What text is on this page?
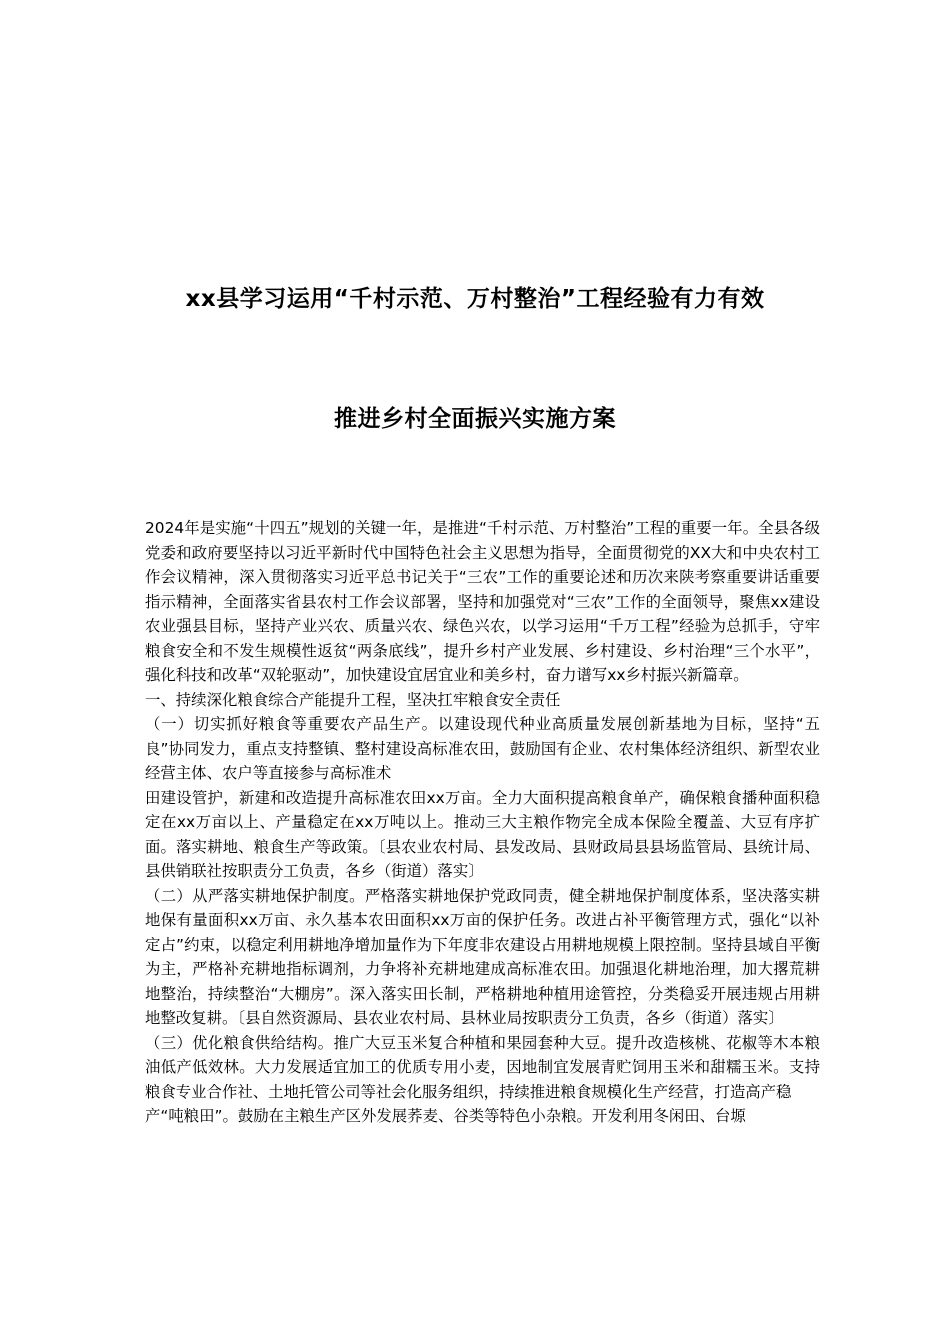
xx县学习运用“千村示范、万村整治”工程经验有力有效
推进乡村全面振兴实施方案

2024年是实施“十四五”规划的关键一年，是推进“千村示范、万村整治”工程的重要一年。全县各级党委和政府要坚持以习近平新时代中国特色社会主义思想为指导，全面贯彻党的XX大和中央农村工作会议精神，深入贯彻落实习近平总书记关于“三农”工作的重要论述和历次来陕考察重要讲话重要指示精神，全面落实省县农村工作会议部署，坚持和加强党对“三农”工作的全面领导，聚焦xx建设农业强县目标，坚持产业兴农、质量兴农、绿色兴农，以学习运用“千万工程”经验为总抓手，守牢粮食安全和不发生规模性返贫“两条底线”，提升乡村产业发展、乡村建设、乡村治理“三个水平”，强化科技和改革“双轮驱动”，加快建设宜居宜业和美乡村，奋力谱写xx乡村振兴新篇章。

一、持续深化粮食综合产能提升工程，坚决扛牢粮食安全责任

（一）切实抓好粮食等重要农产品生产。以建设现代种业高质量发展创新基地为目标，坚持“五良”协同发力，重点支持整镇、整村建设高标准农田，鼓励国有企业、农村集体经济组织、新型农业经营主体、农户等直接参与高标准术

田建设管护，新建和改造提升高标准农田xx万亩。全力大面积提高粮食单产，确保粮食播种面积稳定在xx万亩以上、产量稳定在xx万吨以上。推动三大主粮作物完全成本保险全覆盖、大豆有序扩面。落实耕地、粮食生产等政策。〔县农业农村局、县发改局、县财政局县县场监管局、县统计局、县供销联社按职责分工负责，各乡（街道）落实〕

（二）从严落实耕地保护制度。严格落实耕地保护党政同责，健全耕地保护制度体系，坚决落实耕地保有量面积xx万亩、永久基本农田面积xx万亩的保护任务。改进占补平衡管理方式，强化“以补定占”约束，以稳定利用耕地净增加量作为下年度非农建设占用耕地规模上限控制。坚持县域自平衡为主，严格补充耕地指标调剂，力争将补充耕地建成高标准农田。加强退化耕地治理，加大撂荒耕地整治，持续整治“大棚房”。深入落实田长制，严格耕地种植用途管控，分类稳妥开展违规占用耕地整改复耕。〔县自然资源局、县农业农村局、县林业局按职责分工负责，各乡（街道）落实〕

（三）优化粮食供给结构。推广大豆玉米复合种植和果园套种大豆。提升改造核桃、花椒等木本粮油低产低效林。大力发展适宜加工的优质专用小麦，因地制宜发展青贮饲用玉米和甜糯玉米。支持粮食专业合作社、土地托管公司等社会化服务组织，持续推进粮食规模化生产经营，打造高产稳

产“吨粮田”。鼓励在主粮生产区外发展荞麦、谷类等特色小杂粮。开发利用冬闲田、台塬
